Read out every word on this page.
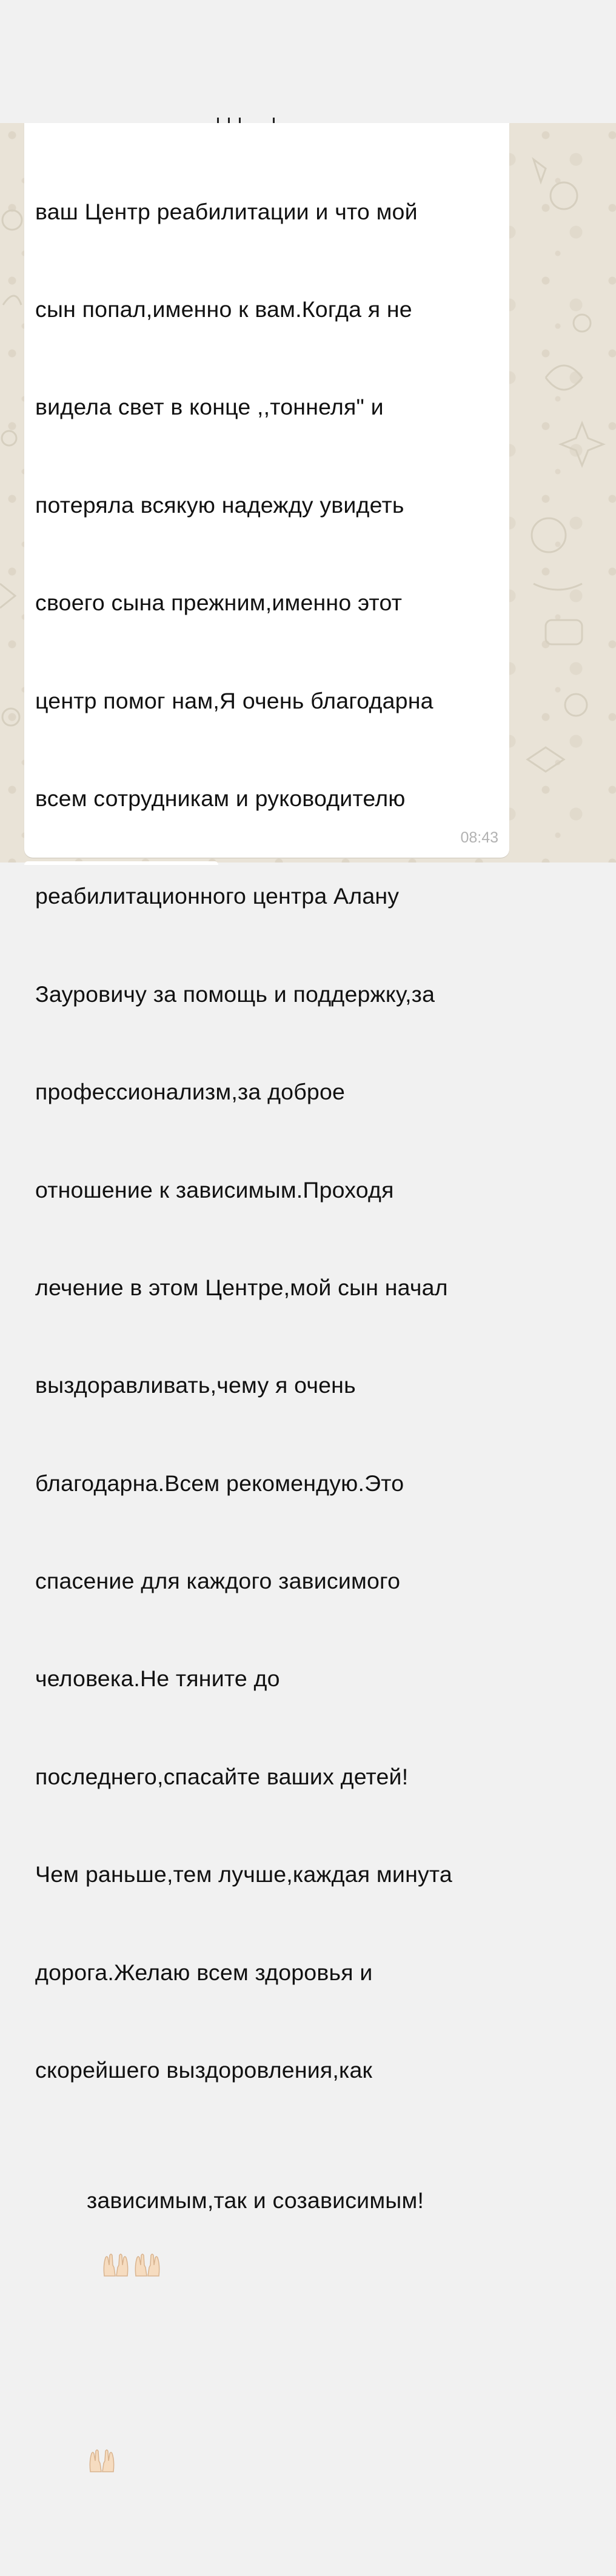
ваш Центр реабилитации и что мой

сын попал,именно к вам.Когда я не

видела свет в конце ,,тоннеля" и

потеряла всякую надежду увидеть

своего сына прежним,именно этот

центр помог нам,Я очень благодарна

всем сотрудникам и руководителю

реабилитационного центра Алану

Зауровичу за помощь и поддержку,за

профессионализм,за доброе

отношение к зависимым.Проходя

лечение в этом Центре,мой сын начал

выздоравливать,чему я очень

благодарна.Всем рекомендую.Это

спасение для каждого зависимого

человека.Не тяните до

последнего,спасайте ваших детей!

Чем раньше,тем лучше,каждая минута

дорога.Желаю всем здоровья и

скорейшего выздоровления,как

зависимым,так и созависимым!

08:43
